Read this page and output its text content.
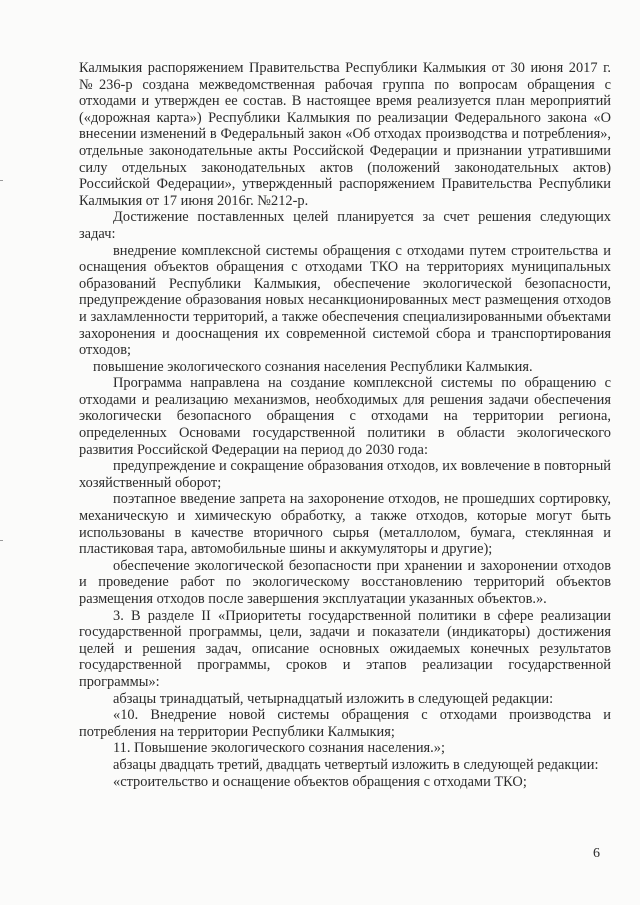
Калмыкия распоряжением Правительства Республики Калмыкия от 30 июня 2017 г. №236-р создана межведомственная рабочая группа по вопросам обращения с отходами и утвержден ее состав. В настоящее время реализуется план мероприятий («дорожная карта») Республики Калмыкия по реализации Федерального закона «О внесении изменений в Федеральный закон «Об отходах производства и потребления», отдельные законодательные акты Российской Федерации и признании утратившими силу отдельных законодательных актов (положений законодательных актов) Российской Федерации», утвержденный распоряжением Правительства Республики Калмыкия от 17 июня 2016г. №212-р.

Достижение поставленных целей планируется за счет решения следующих задач:

внедрение комплексной системы обращения с отходами путем строительства и оснащения объектов обращения с отходами ТКО на территориях муниципальных образований Республики Калмыкия, обеспечение экологической безопасности, предупреждение образования новых несанкционированных мест размещения отходов и захламленности территорий, а также обеспечения специализированными объектами захоронения и дооснащения их современной системой сбора и транспортирования отходов;

повышение экологического сознания населения Республики Калмыкия.

Программа направлена на создание комплексной системы по обращению с отходами и реализацию механизмов, необходимых для решения задачи обеспечения экологически безопасного обращения с отходами на территории региона, определенных Основами государственной политики в области экологического развития Российской Федерации на период до 2030 года:

предупреждение и сокращение образования отходов, их вовлечение в повторный хозяйственный оборот;

поэтапное введение запрета на захоронение отходов, не прошедших сортировку, механическую и химическую обработку, а также отходов, которые могут быть использованы в качестве вторичного сырья (металлолом, бумага, стеклянная и пластиковая тара, автомобильные шины и аккумуляторы и другие);

обеспечение экологической безопасности при хранении и захоронении отходов и проведение работ по экологическому восстановлению территорий объектов размещения отходов после завершения эксплуатации указанных объектов.».

3. В разделе II «Приоритеты государственной политики в сфере реализации государственной программы, цели, задачи и показатели (индикаторы) достижения целей и решения задач, описание основных ожидаемых конечных результатов государственной программы, сроков и этапов реализации государственной программы»:

абзацы тринадцатый, четырнадцатый изложить в следующей редакции:

«10. Внедрение новой системы обращения с отходами производства и потребления на территории Республики Калмыкия;

11. Повышение экологического сознания населения.»;

абзацы двадцать третий, двадцать четвертый изложить в следующей редакции:

«строительство и оснащение объектов обращения с отходами ТКО;

6
